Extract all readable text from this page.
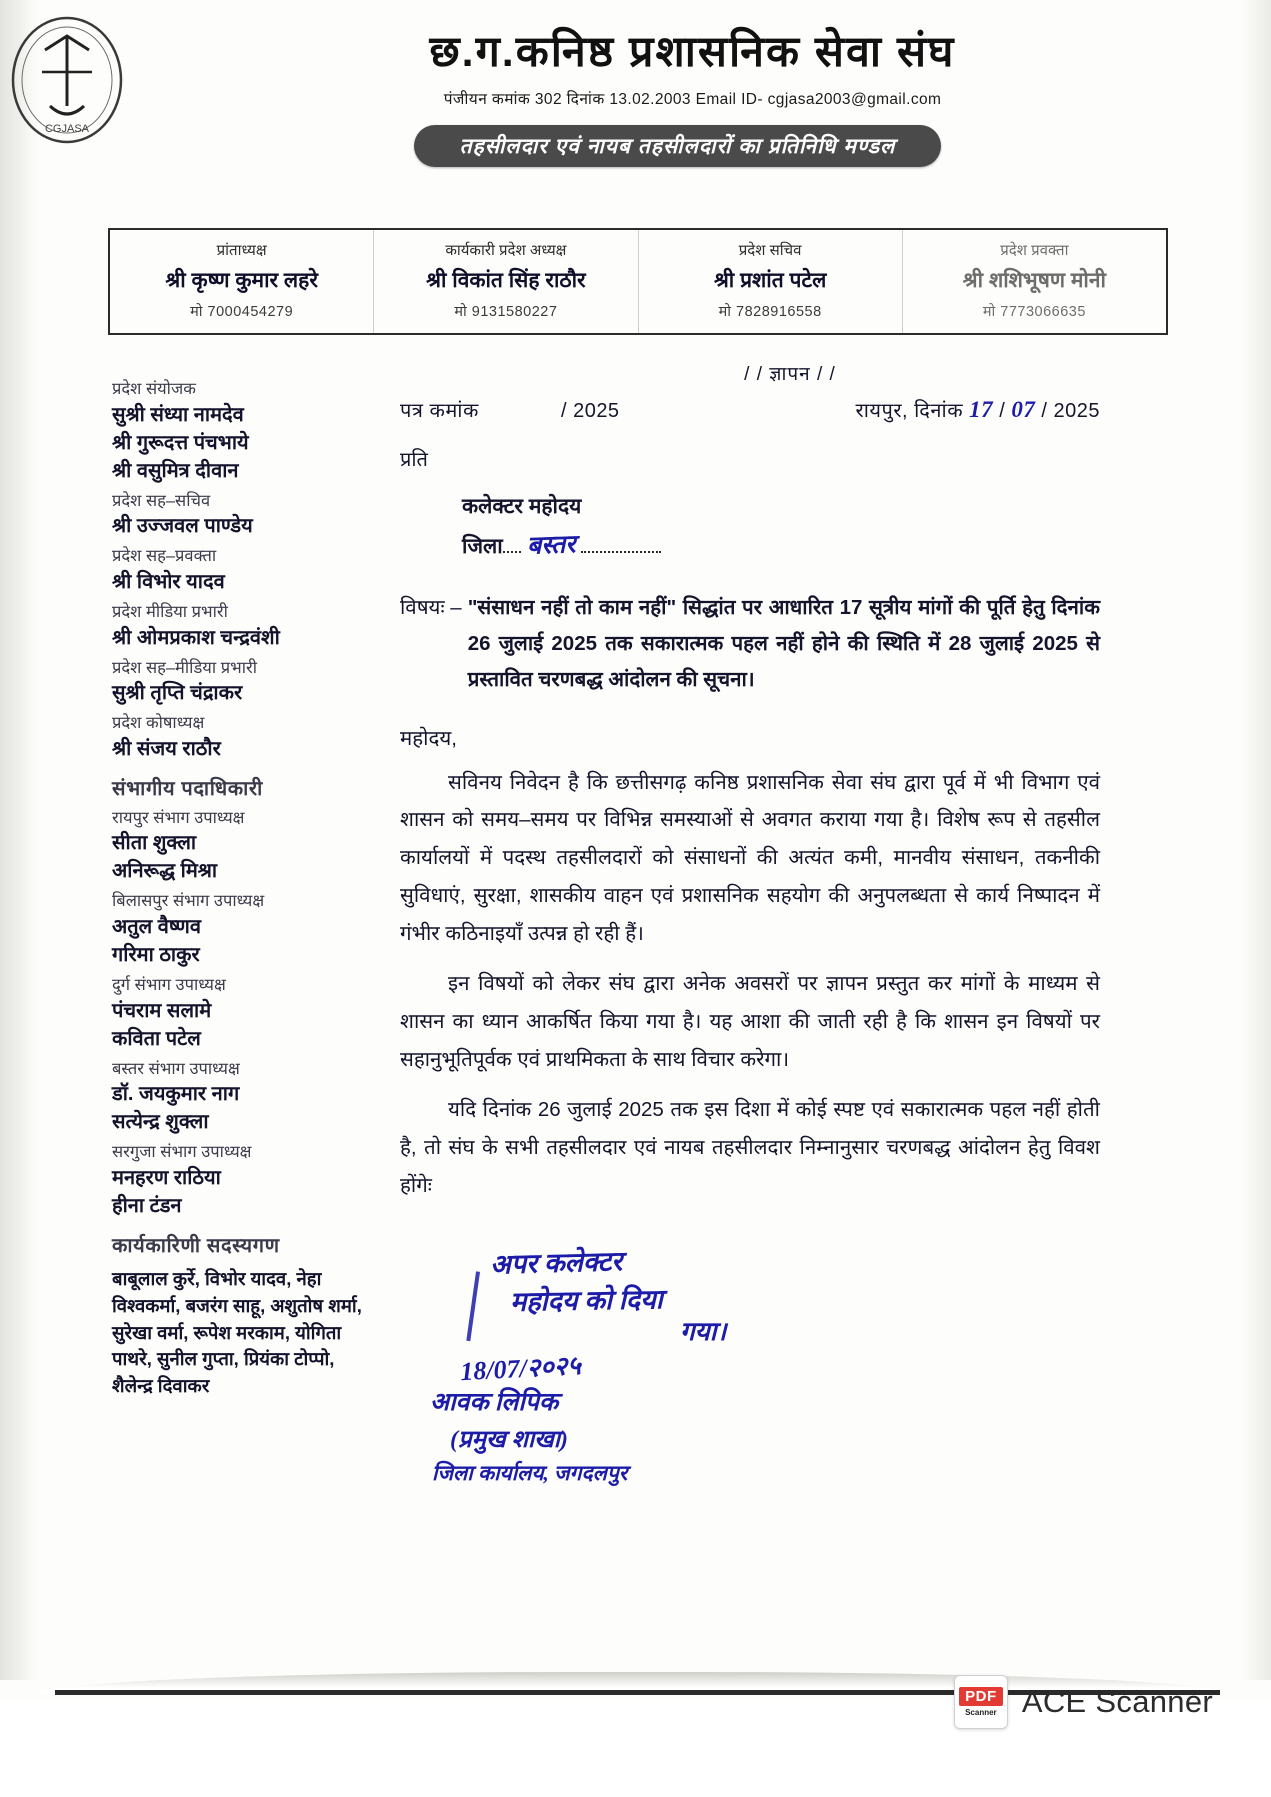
छ.ग.कनिष्ठ प्रशासनिक सेवा संघ
पंजीयन कमांक 302 दिनांक 13.02.2003 Email ID- cgjasa2003@gmail.com
तहसीलदार एवं नायब तहसीलदारों का प्रतिनिधि मण्डल
CGJASA
प्रांताध्यक्ष
श्री कृष्ण कुमार लहरे
मो 7000454279
कार्यकारी प्रदेश अध्यक्ष
श्री विकांत सिंह राठौर
मो 9131580227
प्रदेश सचिव
श्री प्रशांत पटेल
मो 7828916558
प्रदेश प्रवक्ता
श्री शशिभूषण मोनी
मो 7773066635
प्रदेश संयोजक
सुश्री संध्या नामदेव
श्री गुरूदत्त पंचभाये
श्री वसुमित्र दीवान
प्रदेश सह–सचिव
श्री उज्जवल पाण्डेय
प्रदेश सह–प्रवक्ता
श्री विभोर यादव
प्रदेश मीडिया प्रभारी
श्री ओमप्रकाश चन्द्रवंशी
प्रदेश सह–मीडिया प्रभारी
सुश्री तृप्ति चंद्राकर
प्रदेश कोषाध्यक्ष
श्री संजय राठौर
संभागीय पदाधिकारी
रायपुर संभाग उपाध्यक्ष
सीता शुक्ला
अनिरूद्ध मिश्रा
बिलासपुर संभाग उपाध्यक्ष
अतुल वैष्णव
गरिमा ठाकुर
दुर्ग संभाग उपाध्यक्ष
पंचराम सलामे
कविता पटेल
बस्तर संभाग उपाध्यक्ष
डॉ. जयकुमार नाग
सत्येन्द्र शुक्ला
सरगुजा संभाग उपाध्यक्ष
मनहरण राठिया
हीना टंडन
कार्यकारिणी सदस्यगण
बाबूलाल कुर्रे, विभोर यादव, नेहा विश्वकर्मा, बजरंग साहू, अशुतोष शर्मा, सुरेखा वर्मा, रूपेश मरकाम, योगिता पाथरे, सुनील गुप्ता, प्रियंका टोप्पो, शैलेन्द्र दिवाकर
/ / ज्ञापन / /
पत्र कमांक	/ 2025	रायपुर, दिनांक 17 / 07 / 2025
प्रति
कलेक्टर महोदय
जिला बस्तर
विषयः – "संसाधन नहीं तो काम नहीं" सिद्धांत पर आधारित 17 सूत्रीय मांगों की पूर्ति हेतु दिनांक 26 जुलाई 2025 तक सकारात्मक पहल नहीं होने की स्थिति में 28 जुलाई 2025 से प्रस्तावित चरणबद्ध आंदोलन की सूचना।
महोदय,
सविनय निवेदन है कि छत्तीसगढ़ कनिष्ठ प्रशासनिक सेवा संघ द्वारा पूर्व में भी विभाग एवं शासन को समय–समय पर विभिन्न समस्याओं से अवगत कराया गया है। विशेष रूप से तहसील कार्यालयों में पदस्थ तहसीलदारों को संसाधनों की अत्यंत कमी, मानवीय संसाधन, तकनीकी सुविधाएं, सुरक्षा, शासकीय वाहन एवं प्रशासनिक सहयोग की अनुपलब्धता से कार्य निष्पादन में गंभीर कठिनाइयाँ उत्पन्न हो रही हैं।
इन विषयों को लेकर संघ द्वारा अनेक अवसरों पर ज्ञापन प्रस्तुत कर मांगों के माध्यम से शासन का ध्यान आकर्षित किया गया है। यह आशा की जाती रही है कि शासन इन विषयों पर सहानुभूतिपूर्वक एवं प्राथमिकता के साथ विचार करेगा।
यदि दिनांक 26 जुलाई 2025 तक इस दिशा में कोई स्पष्ट एवं सकारात्मक पहल नहीं होती है, तो संघ के सभी तहसीलदार एवं नायब तहसीलदार निम्नानुसार चरणबद्ध आंदोलन हेतु विवश होंगेः
अपर कलेक्टर
महोदय को दिया
गया।
18/07/२०२५
आवक लिपिक
(प्रमुख शाखा)
जिला कार्यालय, जगदलपुर
PDF
Scanner ACE Scanner
